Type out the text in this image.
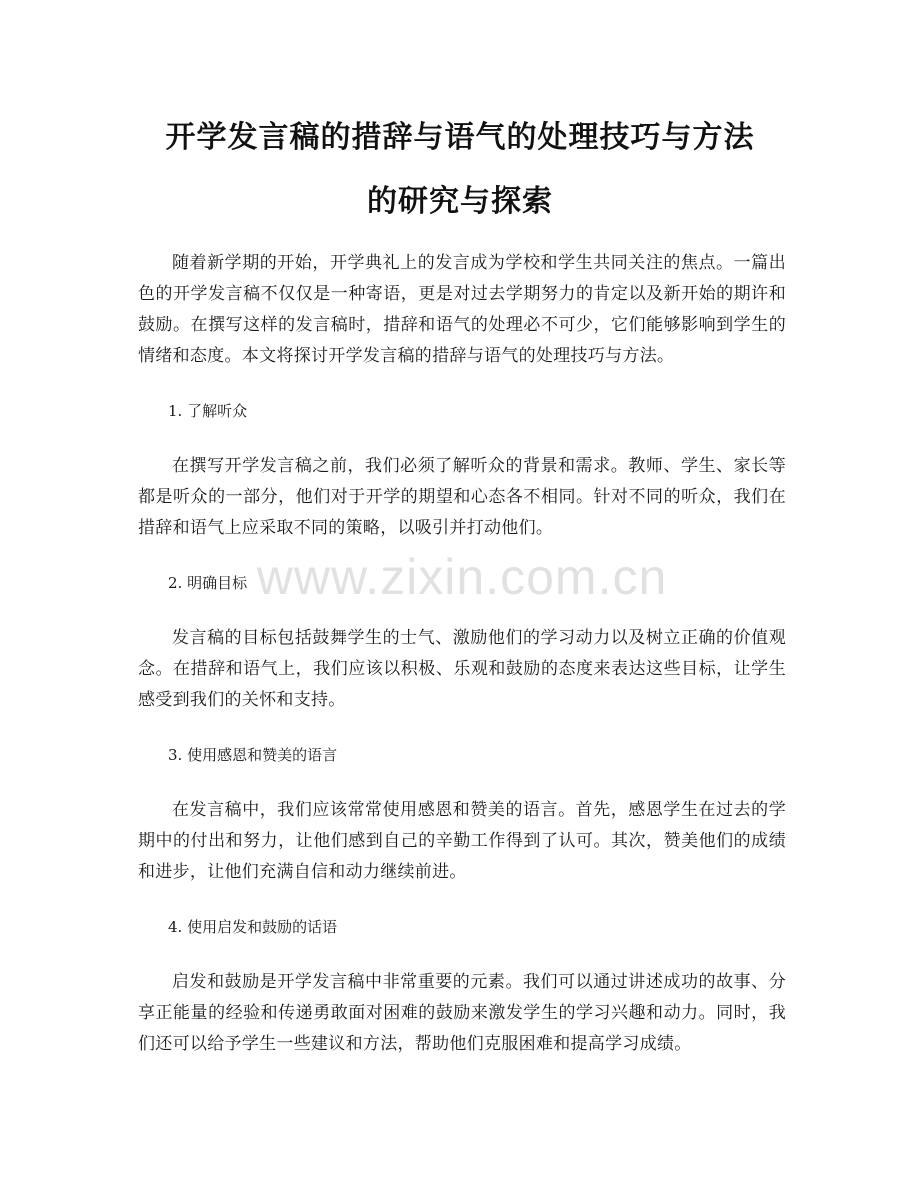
开学发言稿的措辞与语气的处理技巧与方法
的研究与探索

随着新学期的开始，开学典礼上的发言成为学校和学生共同关注的焦点。一篇出色的开学发言稿不仅仅是一种寄语，更是对过去学期努力的肯定以及新开始的期许和鼓励。在撰写这样的发言稿时，措辞和语气的处理必不可少，它们能够影响到学生的情绪和态度。本文将探讨开学发言稿的措辞与语气的处理技巧与方法。

1. 了解听众

在撰写开学发言稿之前，我们必须了解听众的背景和需求。教师、学生、家长等都是听众的一部分，他们对于开学的期望和心态各不相同。针对不同的听众，我们在措辞和语气上应采取不同的策略，以吸引并打动他们。

2. 明确目标

发言稿的目标包括鼓舞学生的士气、激励他们的学习动力以及树立正确的价值观念。在措辞和语气上，我们应该以积极、乐观和鼓励的态度来表达这些目标，让学生感受到我们的关怀和支持。

3. 使用感恩和赞美的语言

在发言稿中，我们应该常常使用感恩和赞美的语言。首先，感恩学生在过去的学期中的付出和努力，让他们感到自己的辛勤工作得到了认可。其次，赞美他们的成绩和进步，让他们充满自信和动力继续前进。

4. 使用启发和鼓励的话语

启发和鼓励是开学发言稿中非常重要的元素。我们可以通过讲述成功的故事、分享正能量的经验和传递勇敢面对困难的鼓励来激发学生的学习兴趣和动力。同时，我们还可以给予学生一些建议和方法，帮助他们克服困难和提高学习成绩。

www.zixin.com.cn
